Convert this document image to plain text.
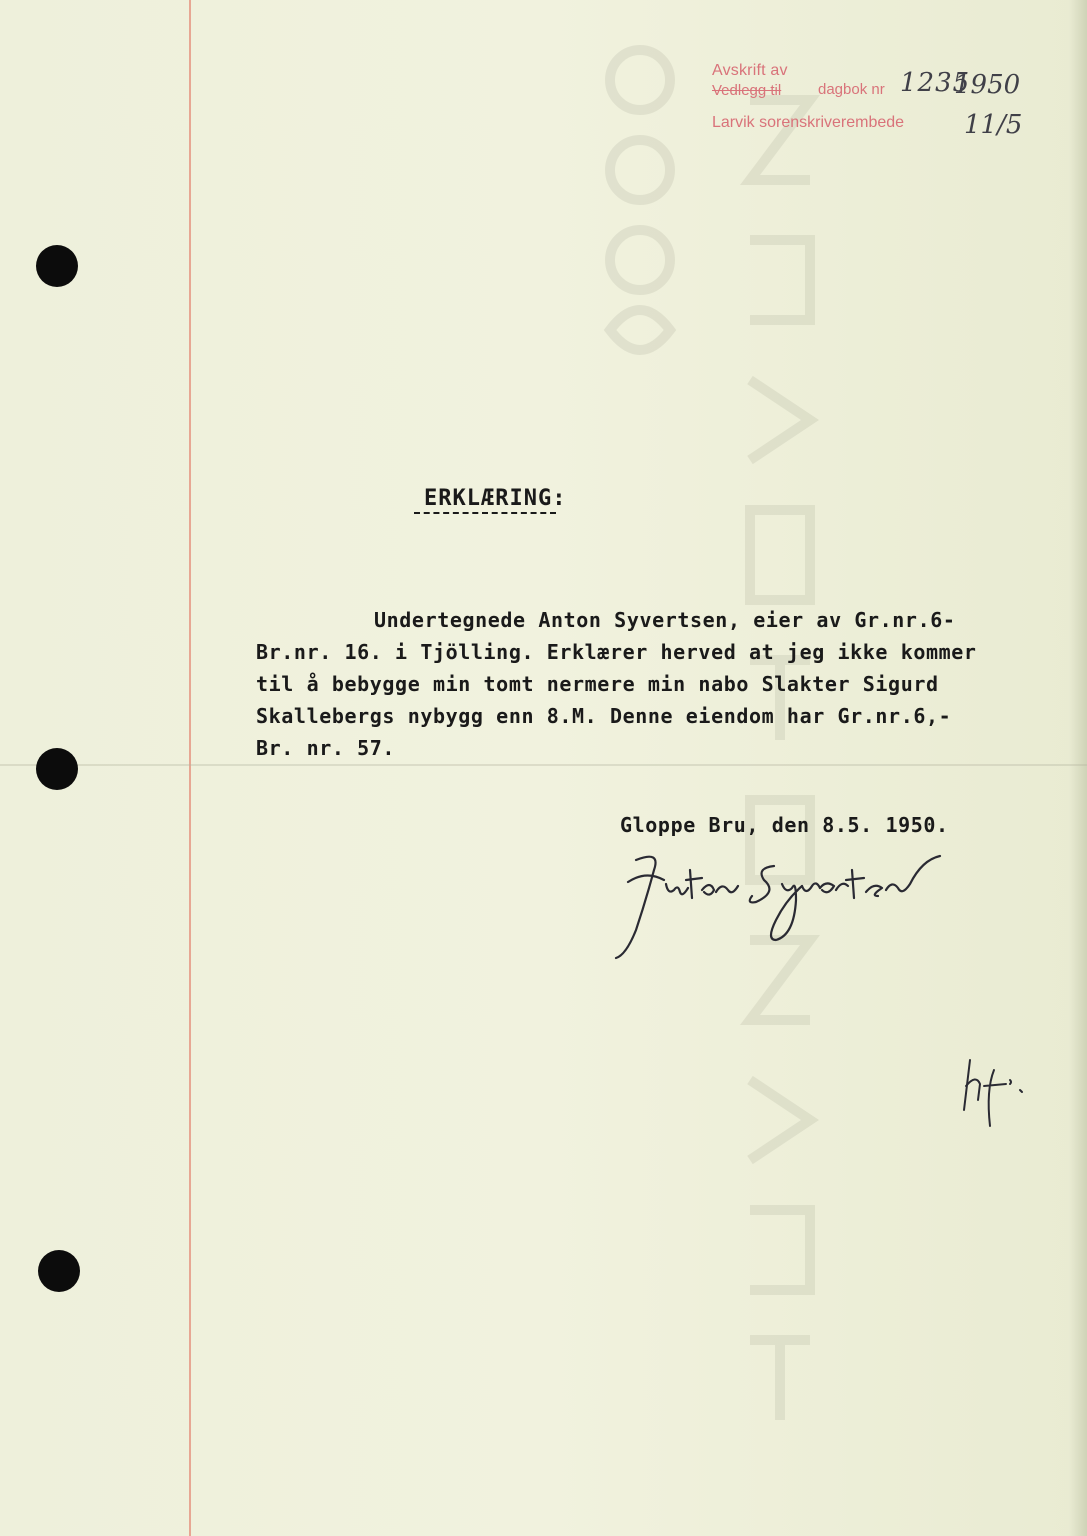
Avskrift av
Vedlegg til dagbok nr
Larvik sorenskriverembede
1235
1950
11/5
ERKLÆRING:
Undertegnede Anton Syvertsen, eier av Gr.nr.6-
Br.nr. 16. i Tjölling. Erklærer herved at jeg ikke kommer
til å bebygge min tomt nermere min nabo Slakter Sigurd
Skallebergs nybygg enn 8.M. Denne eiendom har Gr.nr.6,-
Br. nr. 57.
Gloppe Bru, den 8.5. 1950.
